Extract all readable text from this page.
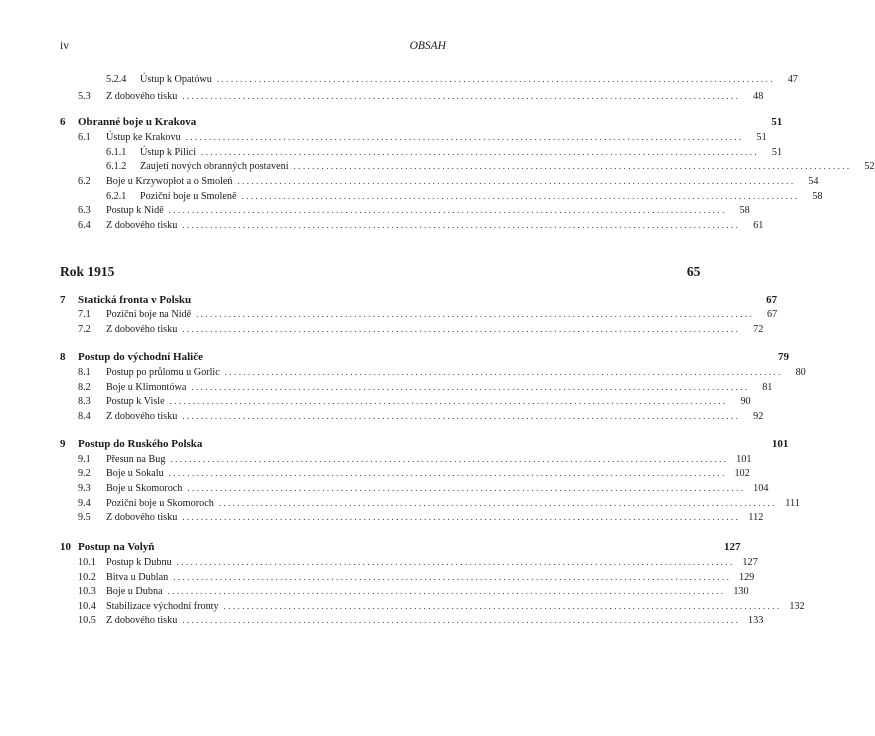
iv	OBSAH
5.2.4	Ústup k Opatówu ........................................................................................................................	47
5.3	Z dobového tisku ........................................................................................................................	48
6	Obranné boje u Krakova	51
6.1	Ústup ke Krakovu ........................................................................................................................	51
6.1.1	Ústup k Pilici ........................................................................................................................	51
6.1.2	Zaujetí nových obranných postavení ........................................................................................................................	52
6.2	Boje u Krzywopłot a o Smoleń ........................................................................................................................	54
6.2.1	Poziční boje u Smoleně ........................................................................................................................	58
6.3	Postup k Nidě ........................................................................................................................	58
6.4	Z dobového tisku ........................................................................................................................	61
Rok 1915	65
7	Statická fronta v Polsku	67
7.1	Poziční boje na Nidě ........................................................................................................................	67
7.2	Z dobového tisku ........................................................................................................................	72
8	Postup do východní Haliče	79
8.1	Postup po průlomu u Gorlic ........................................................................................................................	80
8.2	Boje u Klimontówa ........................................................................................................................	81
8.3	Postup k Visle ........................................................................................................................	90
8.4	Z dobového tisku ........................................................................................................................	92
9	Postup do Ruského Polska	101
9.1	Přesun na Bug ........................................................................................................................ 101
9.2	Boje u Sokalu ........................................................................................................................ 102
9.3	Boje u Skomoroch ........................................................................................................................ 104
9.4	Poziční boje u Skomoroch ........................................................................................................................ 111
9.5	Z dobového tisku ........................................................................................................................ 112
10 Postup na Volyň	127
10.1 Postup k Dubnu ........................................................................................................................ 127
10.2 Bitva u Dublan ........................................................................................................................ 129
10.3 Boje u Dubna ........................................................................................................................ 130
10.4 Stabilizace východní fronty ........................................................................................................................ 132
10.5 Z dobového tisku ........................................................................................................................ 133
